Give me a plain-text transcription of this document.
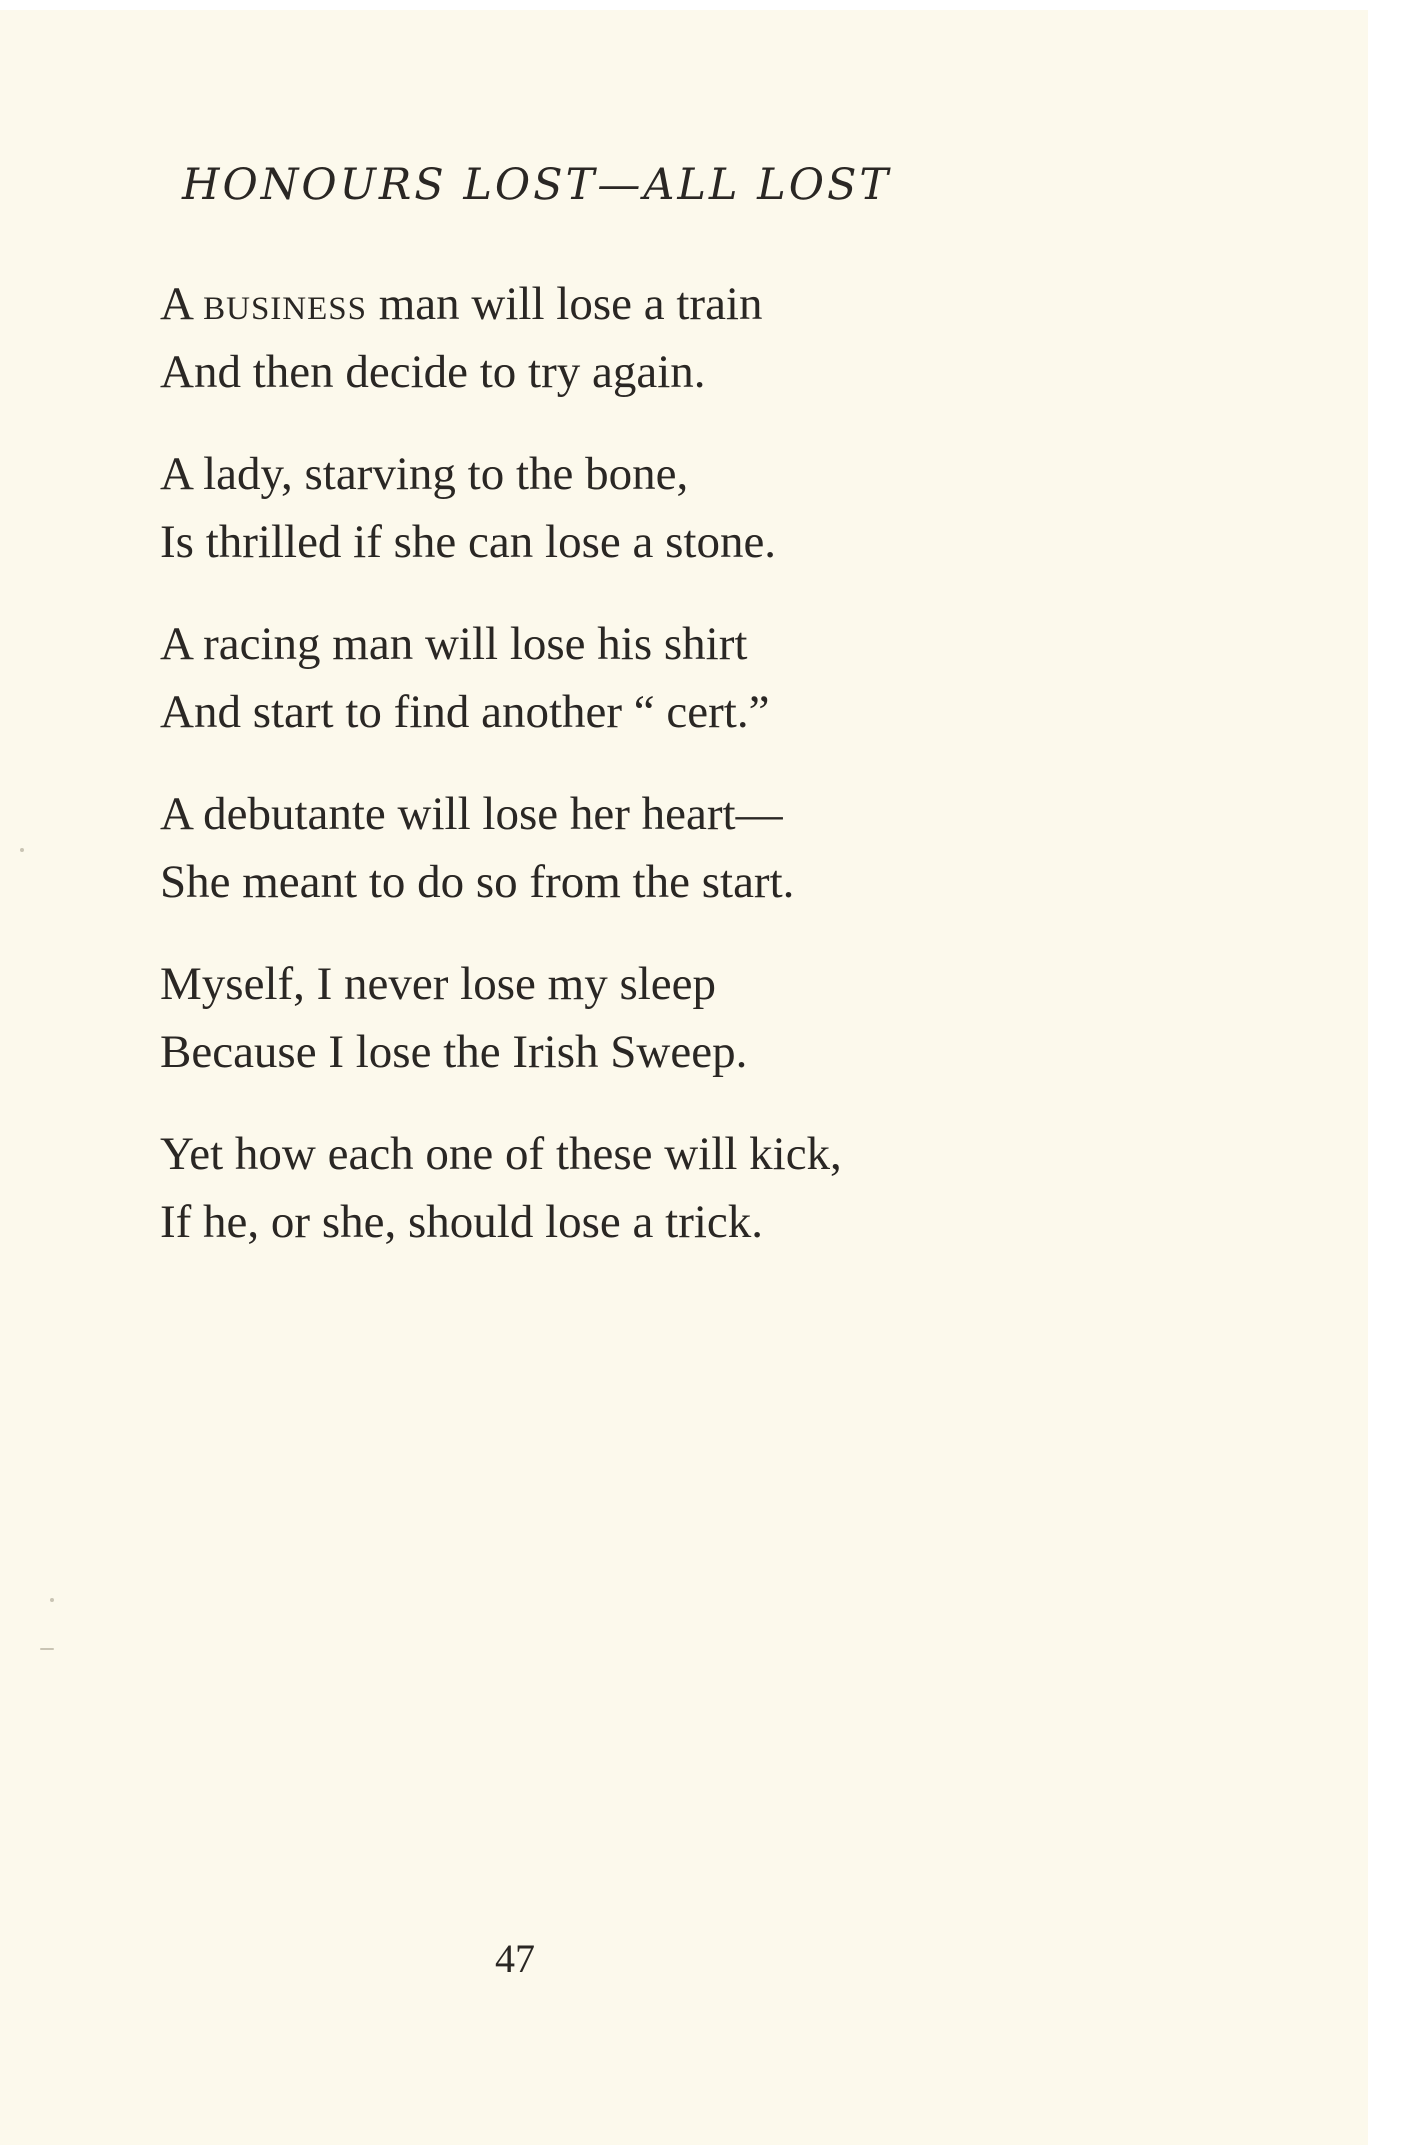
HONOURS LOST—ALL LOST
A business man will lose a train
And then decide to try again.
A lady, starving to the bone,
Is thrilled if she can lose a stone.
A racing man will lose his shirt
And start to find another “ cert.”
A debutante will lose her heart—
She meant to do so from the start.
Myself, I never lose my sleep
Because I lose the Irish Sweep.
Yet how each one of these will kick,
If he, or she, should lose a trick.
47
